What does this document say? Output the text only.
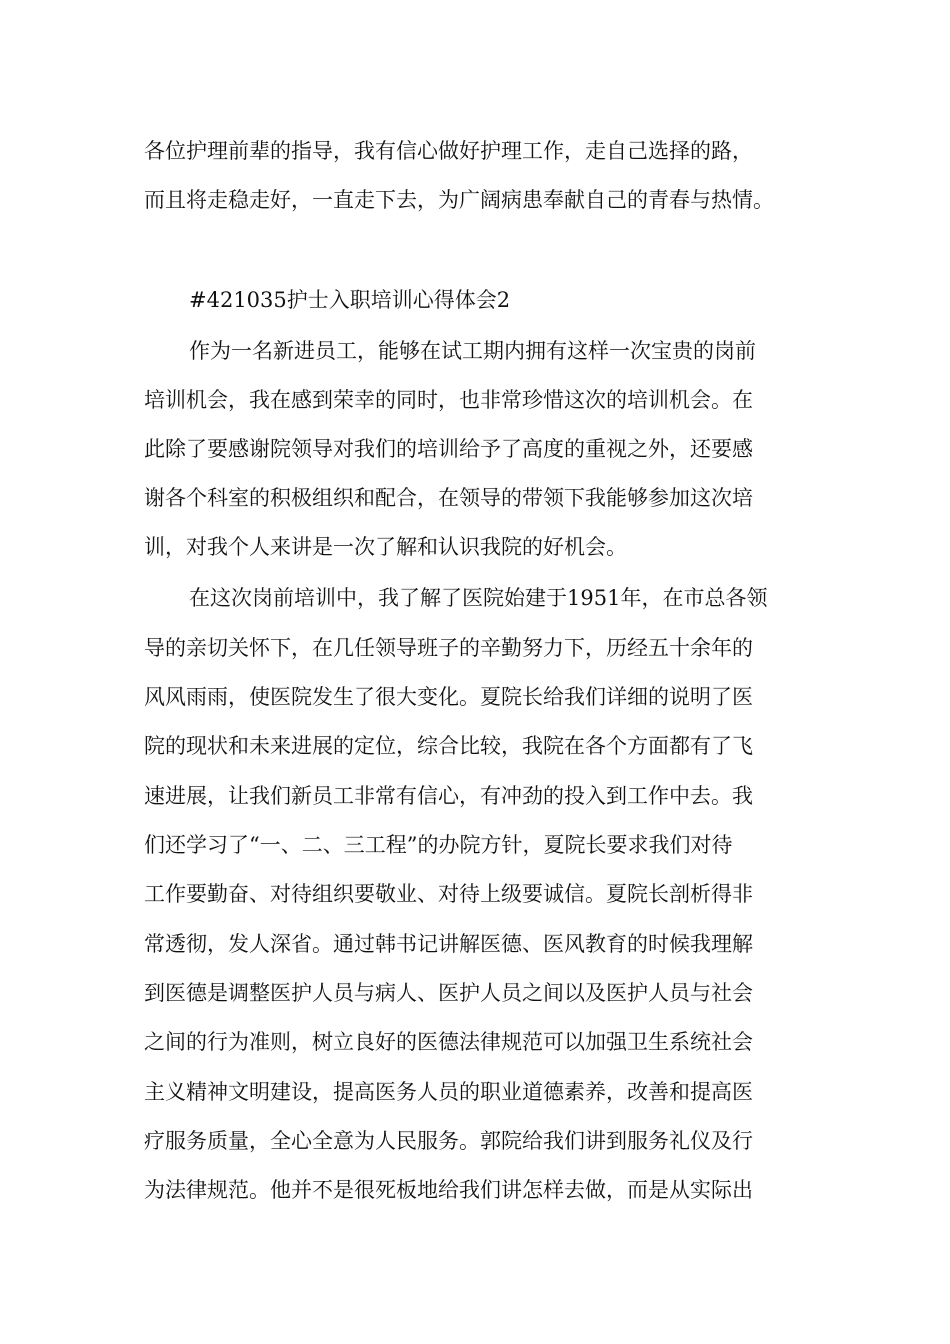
各位护理前辈的指导，我有信心做好护理工作，走自己选择的路，
而且将走稳走好，一直走下去，为广阔病患奉献自己的青春与热情。
#421035护士入职培训心得体会2
作为一名新进员工，能够在试工期内拥有这样一次宝贵的岗前
培训机会，我在感到荣幸的同时，也非常珍惜这次的培训机会。在
此除了要感谢院领导对我们的培训给予了高度的重视之外，还要感
谢各个科室的积极组织和配合，在领导的带领下我能够参加这次培
训，对我个人来讲是一次了解和认识我院的好机会。
在这次岗前培训中，我了解了医院始建于1951年，在市总各领
导的亲切关怀下，在几任领导班子的辛勤努力下，历经五十余年的
风风雨雨，使医院发生了很大变化。夏院长给我们详细的说明了医
院的现状和未来进展的定位，综合比较，我院在各个方面都有了飞
速进展，让我们新员工非常有信心，有冲劲的投入到工作中去。我
们还学习了“一、二、三工程”的办院方针，夏院长要求我们对待
工作要勤奋、对待组织要敬业、对待上级要诚信。夏院长剖析得非
常透彻，发人深省。通过韩书记讲解医德、医风教育的时候我理解
到医德是调整医护人员与病人、医护人员之间以及医护人员与社会
之间的行为准则，树立良好的医德法律规范可以加强卫生系统社会
主义精神文明建设，提高医务人员的职业道德素养，改善和提高医
疗服务质量，全心全意为人民服务。郭院给我们讲到服务礼仪及行
为法律规范。他并不是很死板地给我们讲怎样去做，而是从实际出
